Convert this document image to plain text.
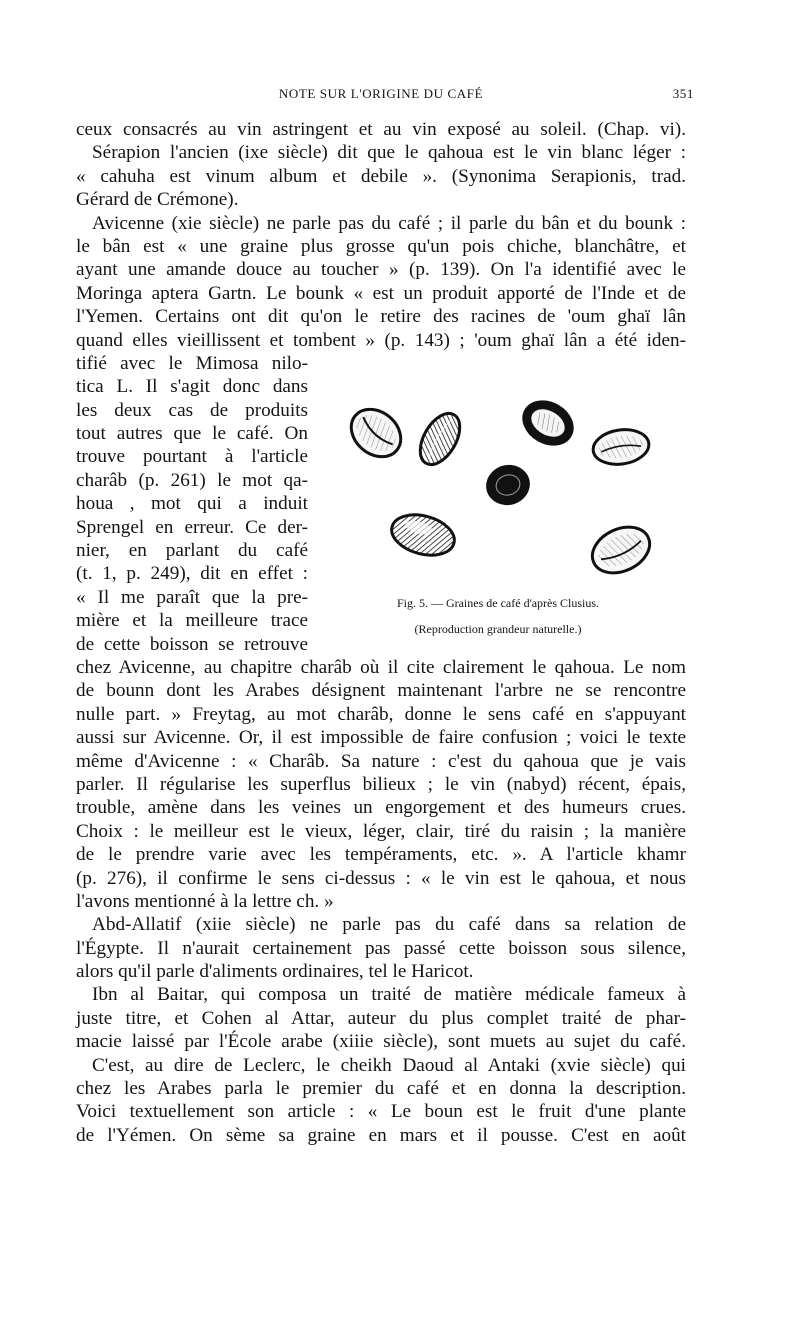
NOTE SUR L'ORIGINE DU CAFÉ	351
ceux consacrés au vin astringent et au vin exposé au soleil. (Chap. vi).
Sérapion l'ancien (ixe siècle) dit que le qahoua est le vin blanc léger :
« cahuha est vinum album et debile ». (Synonima Serapionis, trad.
Gérard de Crémone).
Avicenne (xie siècle) ne parle pas du café ; il parle du bân et du bounk :
le bân est « une graine plus grosse qu'un pois chiche, blanchâtre, et
ayant une amande douce au toucher » (p. 139). On l'a identifié avec le
Moringa aptera Gartn. Le bounk « est un produit apporté de l'Inde et de
l'Yemen. Certains ont dit qu'on le retire des racines de 'oum ghaï lân
quand elles vieillissent et tombent » (p. 143) ; 'oum ghaï lân a été iden-
tifié avec le Mimosa nilo-
tica L. Il s'agit donc dans
les deux cas de produits
tout autres que le café. On
trouve pourtant à l'article
charâb (p. 261) le mot qa-
houa , mot qui a induit
Sprengel en erreur. Ce der-
nier, en parlant du café
(t. 1, p. 249), dit en effet :
« Il me paraît que la pre-
mière et la meilleure trace
de cette boisson se retrouve
chez Avicenne, au chapitre charâb où il cite clairement le qahoua. Le nom
de bounn dont les Arabes désignent maintenant l'arbre ne se rencontre
nulle part. » Freytag, au mot charâb, donne le sens café en s'appuyant
aussi sur Avicenne. Or, il est impossible de faire confusion ; voici le texte
même d'Avicenne : « Charâb. Sa nature : c'est du qahoua que je vais
parler. Il régularise les superflus bilieux ; le vin (nabyd) récent, épais,
trouble, amène dans les veines un engorgement et des humeurs crues.
Choix : le meilleur est le vieux, léger, clair, tiré du raisin ; la manière
de le prendre varie avec les tempéraments, etc. ». A l'article khamr
(p. 276), il confirme le sens ci-dessus : « le vin est le qahoua, et nous
l'avons mentionné à la lettre ch. »
Abd-Allatif (xiie siècle) ne parle pas du café dans sa relation de
l'Égypte. Il n'aurait certainement pas passé cette boisson sous silence,
alors qu'il parle d'aliments ordinaires, tel le Haricot.
Ibn al Baitar, qui composa un traité de matière médicale fameux à
juste titre, et Cohen al Attar, auteur du plus complet traité de phar-
macie laissé par l'École arabe (xiiie siècle), sont muets au sujet du café.
C'est, au dire de Leclerc, le cheikh Daoud al Antaki (xvie siècle) qui
chez les Arabes parla le premier du café et en donna la description.
Voici textuellement son article : « Le boun est le fruit d'une plante
de l'Yémen. On sème sa graine en mars et il pousse. C'est en août
Fig. 5. — Graines de café d'après Clusius.
(Reproduction grandeur naturelle.)
